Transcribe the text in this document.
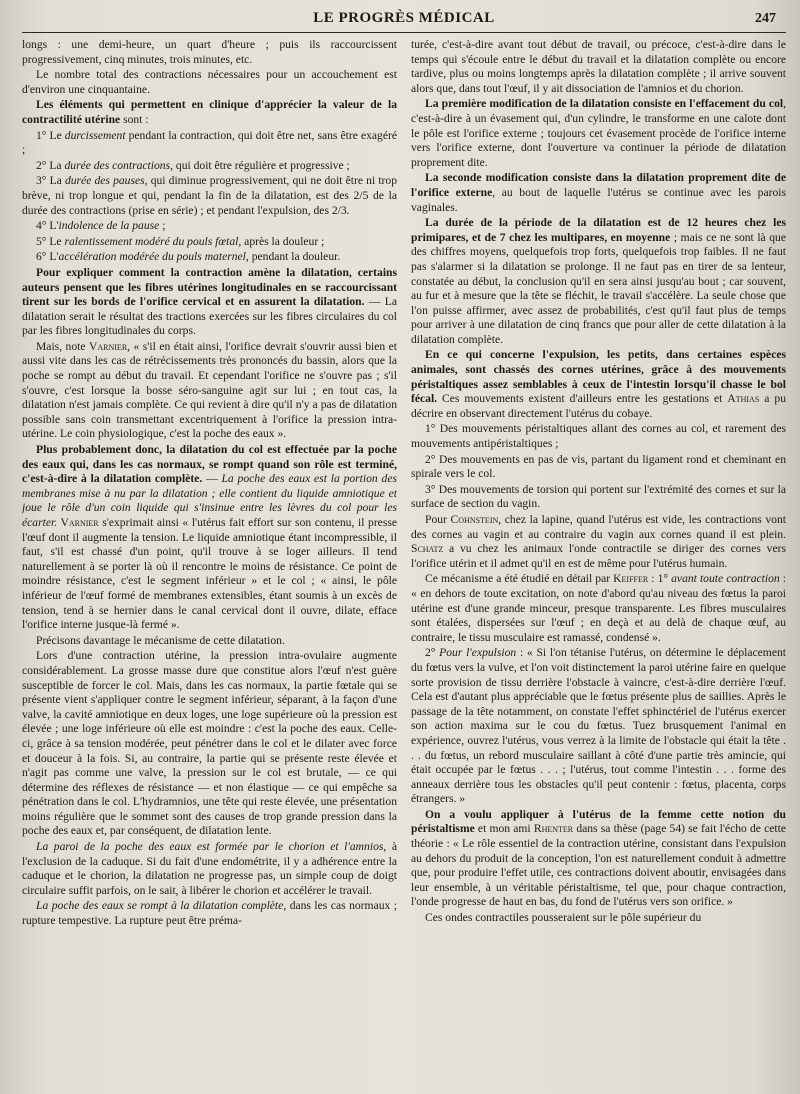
LE PROGRÈS MÉDICAL	247

longs : une demi-heure, un quart d'heure ; puis ils raccourcissent progressivement, cinq minutes, trois minutes, etc.

Le nombre total des contractions nécessaires pour un accouchement est d'environ une cinquantaine.

Les éléments qui permettent en clinique d'apprécier la valeur de la contractilité utérine sont :

1° Le durcissement pendant la contraction, qui doit être net, sans être exagéré ;

2° La durée des contractions, qui doit être régulière et progressive ;

3° La durée des pauses, qui diminue progressivement, qui ne doit être ni trop brève, ni trop longue et qui, pendant la fin de la dilatation, est des 2/5 de la durée des contractions (prise en série) ; et pendant l'expulsion, des 2/3.

4° L'indolence de la pause ;

5° Le ralentissement modéré du pouls fœtal, après la douleur ;

6° L'accélération modérée du pouls maternel, pendant la douleur.

Pour expliquer comment la contraction amène la dilatation, certains auteurs pensent que les fibres utérines longitudinales en se raccourcissant tirent sur les bords de l'orifice cervical et en assurent la dilatation. — La dilatation serait le résultat des tractions exercées sur les fibres circulaires du col par les fibres longitudinales du corps.

Mais, note Varnier, « s'il en était ainsi, l'orifice devrait s'ouvrir aussi bien et aussi vite dans les cas de rétrécissements très prononcés du bassin, alors que la poche se rompt au début du travail. Et cependant l'orifice ne s'ouvre pas ; s'il s'ouvre, c'est lorsque la bosse séro-sanguine agit sur lui ; en tout cas, la dilatation n'est jamais complète. Ce qui revient à dire qu'il n'y a pas de dilatation possible sans coin transmettant excentriquement à l'orifice la pression intra-utérine. Le coin physiologique, c'est la poche des eaux ».

Plus probablement donc, la dilatation du col est effectuée par la poche des eaux qui, dans les cas normaux, se rompt quand son rôle est terminé, c'est-à-dire à la dilatation complète. — La poche des eaux est la portion des membranes mise à nu par la dilatation ; elle contient du liquide amniotique et joue le rôle d'un coin liquide qui s'insinue entre les lèvres du col pour les écarter. Varnier s'exprimait ainsi « l'utérus fait effort sur son contenu, il presse l'œuf dont il augmente la tension. Le liquide amniotique étant incompressible, il faut, s'il est chassé d'un point, qu'il trouve à se loger ailleurs. Il tend naturellement à se porter là où il rencontre le moins de résistance. Ce point de moindre résistance, c'est le segment inférieur » et le col ; « ainsi, le pôle inférieur de l'œuf formé de membranes extensibles, étant soumis à un excès de tension, tend à se hernier dans le canal cervical dont il ouvre, dilate, efface l'orifice interne jusque-là fermé ».

Précisons davantage le mécanisme de cette dilatation.

Lors d'une contraction utérine, la pression intra-ovulaire augmente considérablement. La grosse masse dure que constitue alors l'œuf n'est guère susceptible de forcer le col. Mais, dans les cas normaux, la partie fœtale qui se présente vient s'appliquer contre le segment inférieur, séparant, à la façon d'une valve, la cavité amniotique en deux loges, une loge supérieure où la pression est élevée ; une loge inférieure où elle est moindre : c'est la poche des eaux. Celle-ci, grâce à sa tension modérée, peut pénétrer dans le col et le dilater avec force et douceur à la fois. Si, au contraire, la partie qui se présente reste élevée et n'agit pas comme une valve, la pression sur le col est brutale, — ce qui détermine des réflexes de résistance — et non élastique — ce qui empêche sa pénétration dans le col. L'hydramnios, une tête qui reste élevée, une présentation moins régulière que le sommet sont des causes de trop grande pression dans la poche des eaux et, par conséquent, de dilatation lente.

La paroi de la poche des eaux est formée par le chorion et l'amnios, à l'exclusion de la caduque. Si du fait d'une endométrite, il y a adhérence entre la caduque et le chorion, la dilatation ne progresse pas, un simple coup de doigt circulaire suffit parfois, on le sait, à libérer le chorion et accélérer le travail.

La poche des eaux se rompt à la dilatation complète, dans les cas normaux ; rupture tempestive. La rupture peut être préma-

turée, c'est-à-dire avant tout début de travail, ou précoce, c'est-à-dire dans le temps qui s'écoule entre le début du travail et la dilatation complète ou encore tardive, plus ou moins longtemps après la dilatation complète ; il arrive souvent alors que, dans tout l'œuf, il y ait dissociation de l'amnios et du chorion.

La première modification de la dilatation consiste en l'effacement du col, c'est-à-dire à un évasement qui, d'un cylindre, le transforme en une calote dont le pôle est l'orifice externe ; toujours cet évasement procède de l'orifice interne vers l'orifice externe, dont l'ouverture va continuer la période de dilatation proprement dite.

La seconde modification consiste dans la dilatation proprement dite de l'orifice externe, au bout de laquelle l'utérus se continue avec les parois vaginales.

La durée de la période de la dilatation est de 12 heures chez les primipares, et de 7 chez les multipares, en moyenne ; mais ce ne sont là que des chiffres moyens, quelquefois trop forts, quelquefois trop faibles. Il ne faut pas s'alarmer si la dilatation se prolonge. Il ne faut pas en tirer de sa lenteur, constatée au début, la conclusion qu'il en sera ainsi jusqu'au bout ; car souvent, au fur et à mesure que la tête se fléchit, le travail s'accélère. La seule chose que l'on puisse affirmer, avec assez de probabilités, c'est qu'il faut plus de temps pour arriver à une dilatation de cinq francs que pour aller de cette dilatation à la dilatation complète.

En ce qui concerne l'expulsion, les petits, dans certaines espèces animales, sont chassés des cornes utérines, grâce à des mouvements péristaltiques assez semblables à ceux de l'intestin lorsqu'il chasse le bol fécal. Ces mouvements existent d'ailleurs entre les gestations et Athias a pu décrire en observant directement l'utérus du cobaye.

1° Des mouvements péristaltiques allant des cornes au col, et rarement des mouvements antipéristaltiques ;

2° Des mouvements en pas de vis, partant du ligament rond et cheminant en spirale vers le col.

3° Des mouvements de torsion qui portent sur l'extrémité des cornes et sur la surface de section du vagin.

Pour Cohnstein, chez la lapine, quand l'utérus est vide, les contractions vont des cornes au vagin et au contraire du vagin aux cornes quand il est plein. Schatz a vu chez les animaux l'onde contractile se diriger des cornes vers l'orifice utérin et il admet qu'il en est de même pour l'utérus humain.

Ce mécanisme a été étudié en détail par Keiffer : 1° avant toute contraction : « en dehors de toute excitation, on note d'abord qu'au niveau des fœtus la paroi utérine est d'une grande minceur, presque transparente. Les fibres musculaires sont étalées, dispersées sur l'œuf ; en deçà et au delà de chaque œuf, au contraire, le tissu musculaire est ramassé, condensé ».

2° Pour l'expulsion : « Si l'on tétanise l'utérus, on détermine le déplacement du fœtus vers la vulve, et l'on voit distinctement la paroi utérine faire en quelque sorte provision de tissu derrière l'obstacle à vaincre, c'est-à-dire derrière l'œuf. Cela est d'autant plus appréciable que le fœtus présente plus de saillies. Après le passage de la tête notamment, on constate l'effet sphinctériel de l'utérus exercer son action maxima sur le cou du fœtus. Tuez brusquement l'animal en expérience, ouvrez l'utérus, vous verrez à la limite de l'obstacle qui était la tête . . . du fœtus, un rebord musculaire saillant à côté d'une partie très amincie, qui était occupée par le fœtus . . . ; l'utérus, tout comme l'intestin . . . forme des anneaux derrière tous les obstacles qu'il peut contenir : fœtus, placenta, corps étrangers. »

On a voulu appliquer à l'utérus de la femme cette notion du péristaltisme et mon ami Rhenter dans sa thèse (page 54) se fait l'écho de cette théorie : « Le rôle essentiel de la contraction utérine, consistant dans l'expulsion au dehors du produit de la conception, l'on est naturellement conduit à admettre que, pour produire l'effet utile, ces contractions doivent aboutir, envisagées dans leur ensemble, à un véritable péristaltisme, tel que, pour chaque contraction, l'onde progresse de haut en bas, du fond de l'utérus vers son orifice. »

Ces ondes contractiles pousseraient sur le pôle supérieur du
